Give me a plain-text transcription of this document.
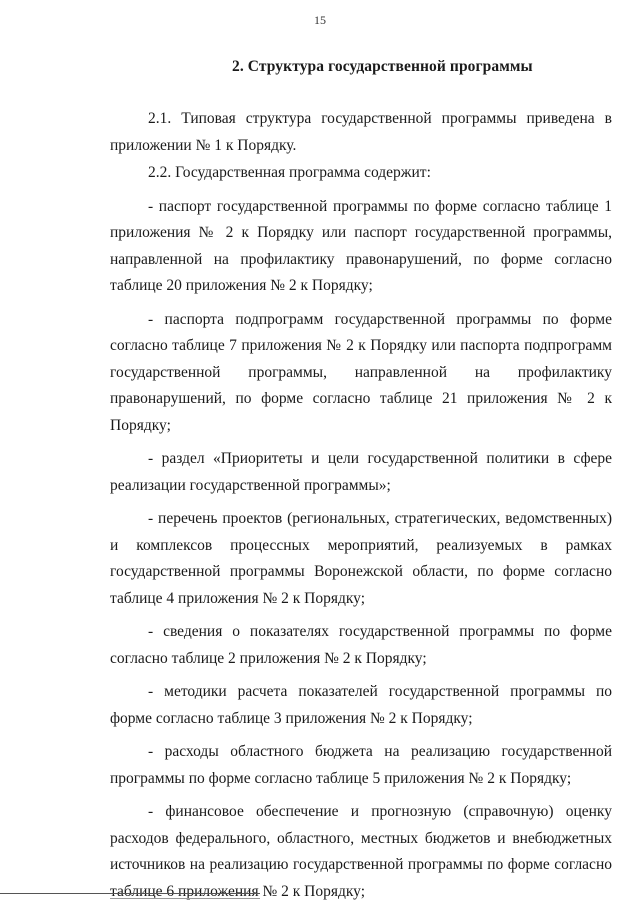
15
2. Структура государственной программы

2.1. Типовая структура государственной программы приведена в приложении № 1 к Порядку.

2.2. Государственная программа содержит:

- паспорт государственной программы по форме согласно таблице 1 приложения № 2 к Порядку или паспорт государственной программы, направленной на профилактику правонарушений, по форме согласно таблице 20 приложения № 2 к Порядку;

- паспорта подпрограмм государственной программы по форме согласно таблице 7 приложения № 2 к Порядку или паспорта подпрограмм государственной программы, направленной на профилактику правонарушений, по форме согласно таблице 21 приложения № 2 к Порядку;

- раздел «Приоритеты и цели государственной политики в сфере реализации государственной программы»;

- перечень проектов (региональных, стратегических, ведомственных) и комплексов процессных мероприятий, реализуемых в рамках государственной программы Воронежской области, по форме согласно таблице 4 приложения № 2 к Порядку;

- сведения о показателях государственной программы по форме согласно таблице 2 приложения № 2 к Порядку;

- методики расчета показателей государственной программы по форме согласно таблице 3 приложения № 2 к Порядку;

- расходы областного бюджета на реализацию государственной программы по форме согласно таблице 5 приложения № 2 к Порядку;

- финансовое обеспечение и прогнозную (справочную) оценку расходов федерального, областного, местных бюджетов и внебюджетных источников на реализацию государственной программы по форме согласно таблице 6 приложения № 2 к Порядку;
